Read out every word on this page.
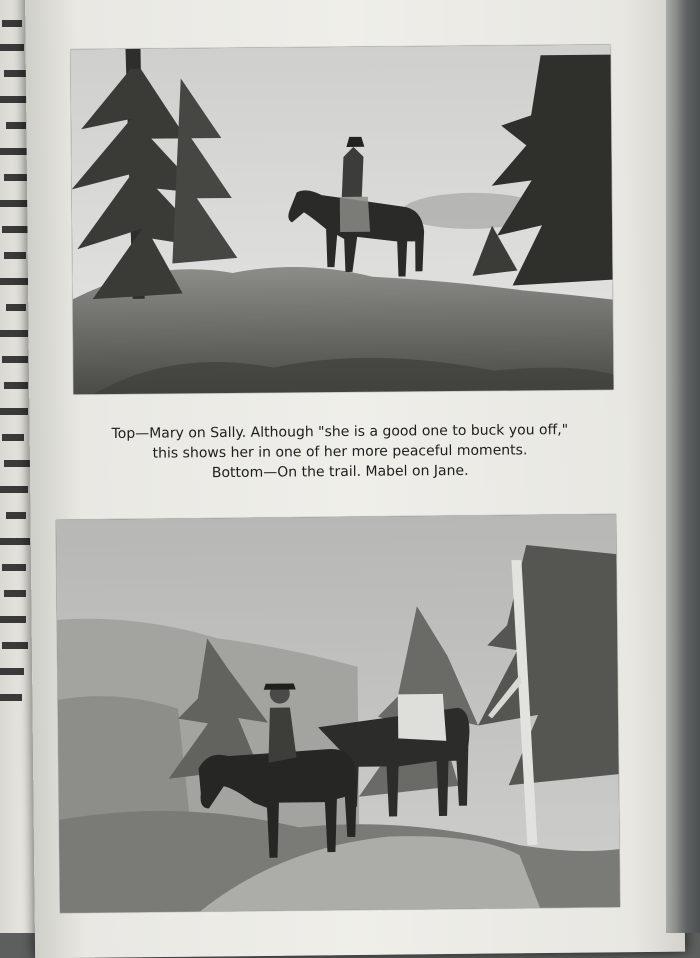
Top—Mary on Sally. Although "she is a good one to buck you off,"
this shows her in one of her more peaceful moments.
Bottom—On the trail. Mabel on Jane.
